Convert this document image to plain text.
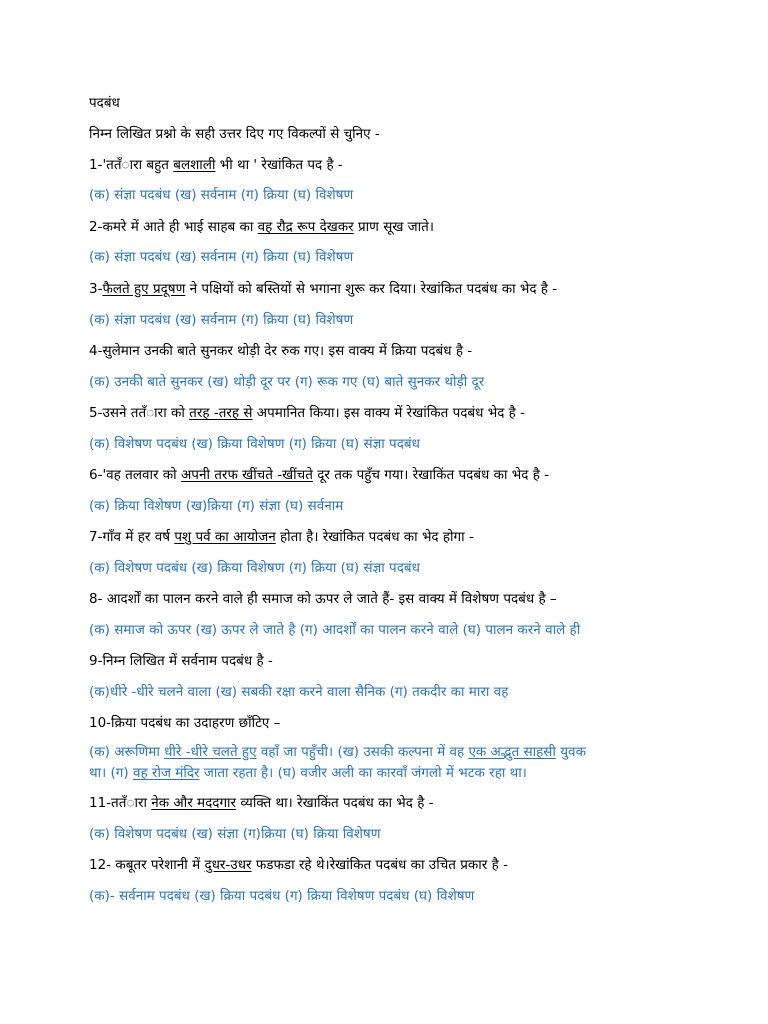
पदबंध
निम्न लिखित प्रश्नो के सही उत्तर दिए गए विकल्पों से चुनिए -
1-'ततँारा बहुत बलशाली भी था ' रेखांकित पद है -
(क) संज्ञा पदबंध (ख) सर्वनाम (ग) क्रिया (घ) विशेषण
2-कमरे में आते ही भाई साहब का वह रौद्र रूप देखकर प्राण सूख जाते।
(क) संज्ञा पदबंध (ख) सर्वनाम (ग) क्रिया (घ) विशेषण
3-फैलते हुए प्रदूषण ने पक्षियों को बस्तियों से भगाना शुरू कर दिया। रेखांकित पदबंध का भेद है -
(क) संज्ञा पदबंध (ख) सर्वनाम (ग) क्रिया (घ) विशेषण
4-सुलेमान उनकी बाते सुनकर थोड़ी देर रुक गए। इस वाक्य में क्रिया पदबंध है -
(क) उनकी बाते सुनकर (ख) थोड़ी दूर पर (ग) रूक गए (घ) बाते सुनकर थोड़ी दूर
5-उसने ततँारा को तरह -तरह से अपमानित किया। इस वाक्य में रेखांकित पदबंध भेद है -
(क) विशेषण पदबंध (ख) क्रिया विशेषण (ग) क्रिया (घ) संज्ञा पदबंध
6-'वह तलवार को अपनी तरफ खींचते -खींचते दूर तक पहुँच गया। रेखाकिंत पदबंध का भेद है -
(क) क्रिया विशेषण (ख)क्रिया (ग) संज्ञा (घ) सर्वनाम
7-गाँव में हर वर्ष पशु पर्व का आयोजन होता है। रेखांकित पदबंध का भेद होगा -
(क) विशेषण पदबंध (ख) क्रिया विशेषण (ग) क्रिया (घ) संज्ञा पदबंध
8- आदर्शों का पालन करने वाले ही समाज को ऊपर ले जाते हैं- इस वाक्य में विशेषण पदबंध है –
(क) समाज को ऊपर (ख) ऊपर ले जाते है (ग) आदर्शों का पालन करने वाले (घ) पालन करने वाले ही
9-निम्न लिखित में सर्वनाम पदबंध है -
(क)धीरे -धीरे चलने वाला (ख) सबकी रक्षा करने वाला सैनिक (ग) तकदीर का मारा वह
10-क्रिया पदबंध का उदाहरण छाँटिए –
(क) अरूणिमा धीरे -धीरे चलते हुए वहाँ जा पहुँची। (ख) उसकी कल्पना में वह एक अद्भुत साहसी युवक
था। (ग) वह रोज मंदिर जाता रहता है। (घ) वजीर अली का कारवाँ जंगलो में भटक रहा था।
11-ततँारा नेक और मददगार व्यक्ति था। रेखाकिंत पदबंध का भेद है -
(क) विशेषण पदबंध (ख) संज्ञा (ग)क्रिया (घ) क्रिया विशेषण
12- कबूतर परेशानी में दुधर-उधर फडफडा रहे थे।रेखांकित पदबंध का उचित प्रकार है -
(क)- सर्वनाम पदबंध (ख) क्रिया पदबंध (ग) क्रिया विशेषण पदबंध (घ) विशेषण
